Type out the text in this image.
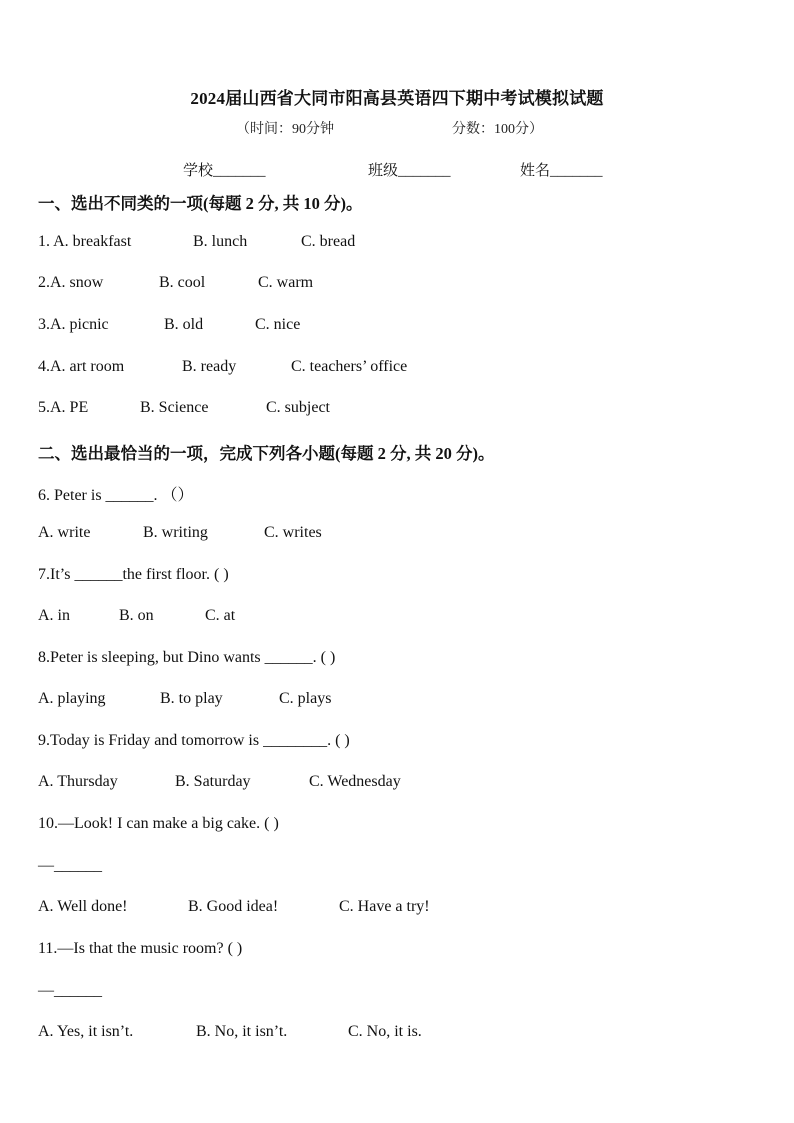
2024届山西省大同市阳高县英语四下期中考试模拟试题
（时间：90分钟	分数：100分）
学校_______	班级_______	姓名_______
一、选出不同类的一项(每题 2 分, 共 10 分)。
1. A. breakfast	B. lunch	C. bread
2.A. snow	B. cool	C. warm
3.A. picnic	B. old	C. nice
4.A. art room	B. ready	C. teachers’ office
5.A. PE	B. Science	C. subject
二、选出最恰当的一项，完成下列各小题(每题 2 分, 共 20 分)。
6. Peter is ______. （）
A. write	B. writing	C. writes
7.It’s ______the first floor. ( )
A. in	B. on	C. at
8.Peter is sleeping, but Dino wants ______. ( )
A. playing	B. to play	C. plays
9.Today is Friday and tomorrow is ________. ( )
A. Thursday	B. Saturday	C. Wednesday
10.—Look! I can make a big cake. ( )
—______
A. Well done!	B. Good idea!	C. Have a try!
11.—Is that the music room? ( )
—______
A. Yes, it isn’t.	B. No, it isn’t.	C. No, it is.
